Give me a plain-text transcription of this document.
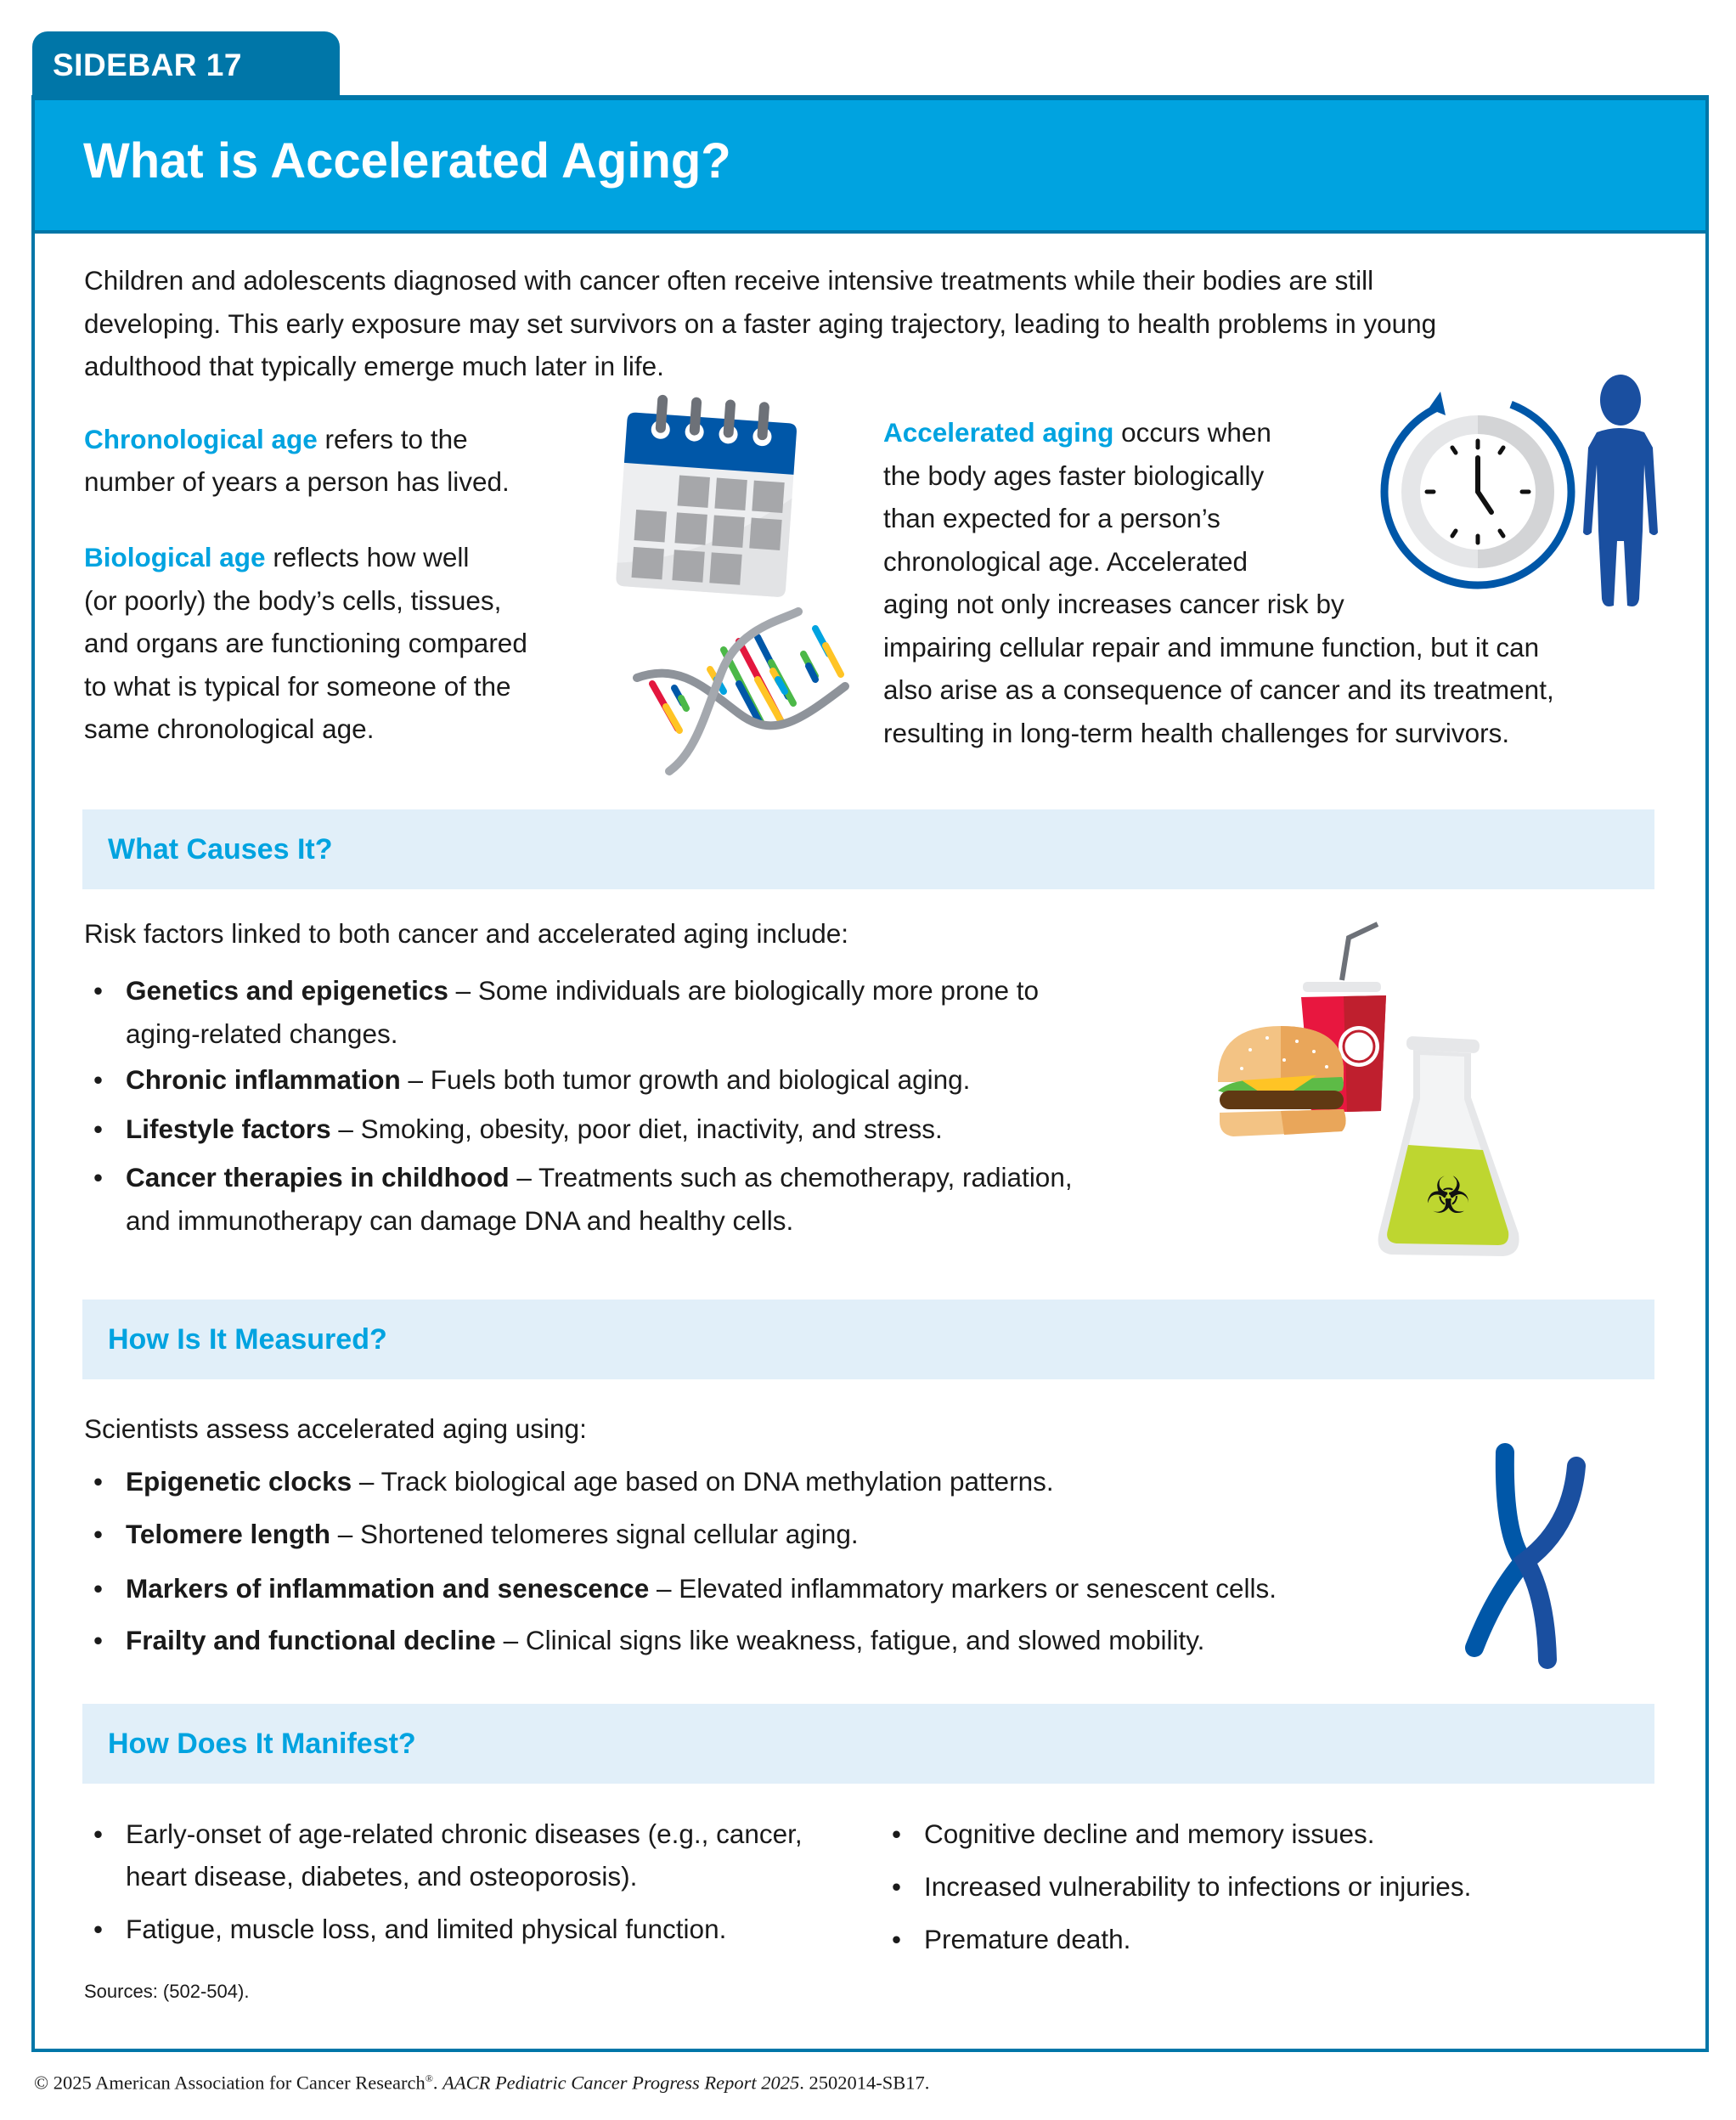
SIDEBAR 17
What is Accelerated Aging?
Children and adolescents diagnosed with cancer often receive intensive treatments while their bodies are still
developing. This early exposure may set survivors on a faster aging trajectory, leading to health problems in young
adulthood that typically emerge much later in life.
Chronological age refers to the
number of years a person has lived.
Biological age reflects how well
(or poorly) the body’s cells, tissues,
and organs are functioning compared
to what is typical for someone of the
same chronological age.
Accelerated aging occurs when
the body ages faster biologically
than expected for a person’s
chronological age. Accelerated
aging not only increases cancer risk by
impairing cellular repair and immune function, but it can
also arise as a consequence of cancer and its treatment,
resulting in long-term health challenges for survivors.
What Causes It?
Risk factors linked to both cancer and accelerated aging include:
• Genetics and epigenetics – Some individuals are biologically more prone to
aging-related changes.
• Chronic inflammation – Fuels both tumor growth and biological aging.
• Lifestyle factors – Smoking, obesity, poor diet, inactivity, and stress.
• Cancer therapies in childhood – Treatments such as chemotherapy, radiation,
and immunotherapy can damage DNA and healthy cells.	☣
How Is It Measured?
Scientists assess accelerated aging using:
• Epigenetic clocks – Track biological age based on DNA methylation patterns.
• Telomere length – Shortened telomeres signal cellular aging.
• Markers of inflammation and senescence – Elevated inflammatory markers or senescent cells.
• Frailty and functional decline – Clinical signs like weakness, fatigue, and slowed mobility.
How Does It Manifest?
• Early-onset of age-related chronic diseases (e.g., cancer,
heart disease, diabetes, and osteoporosis).
• Fatigue, muscle loss, and limited physical function.
• Cognitive decline and memory issues.
• Increased vulnerability to infections or injuries.
• Premature death.
Sources: (502-504).
© 2025 American Association for Cancer Research®. AACR Pediatric Cancer Progress Report 2025. 2502014-SB17.
